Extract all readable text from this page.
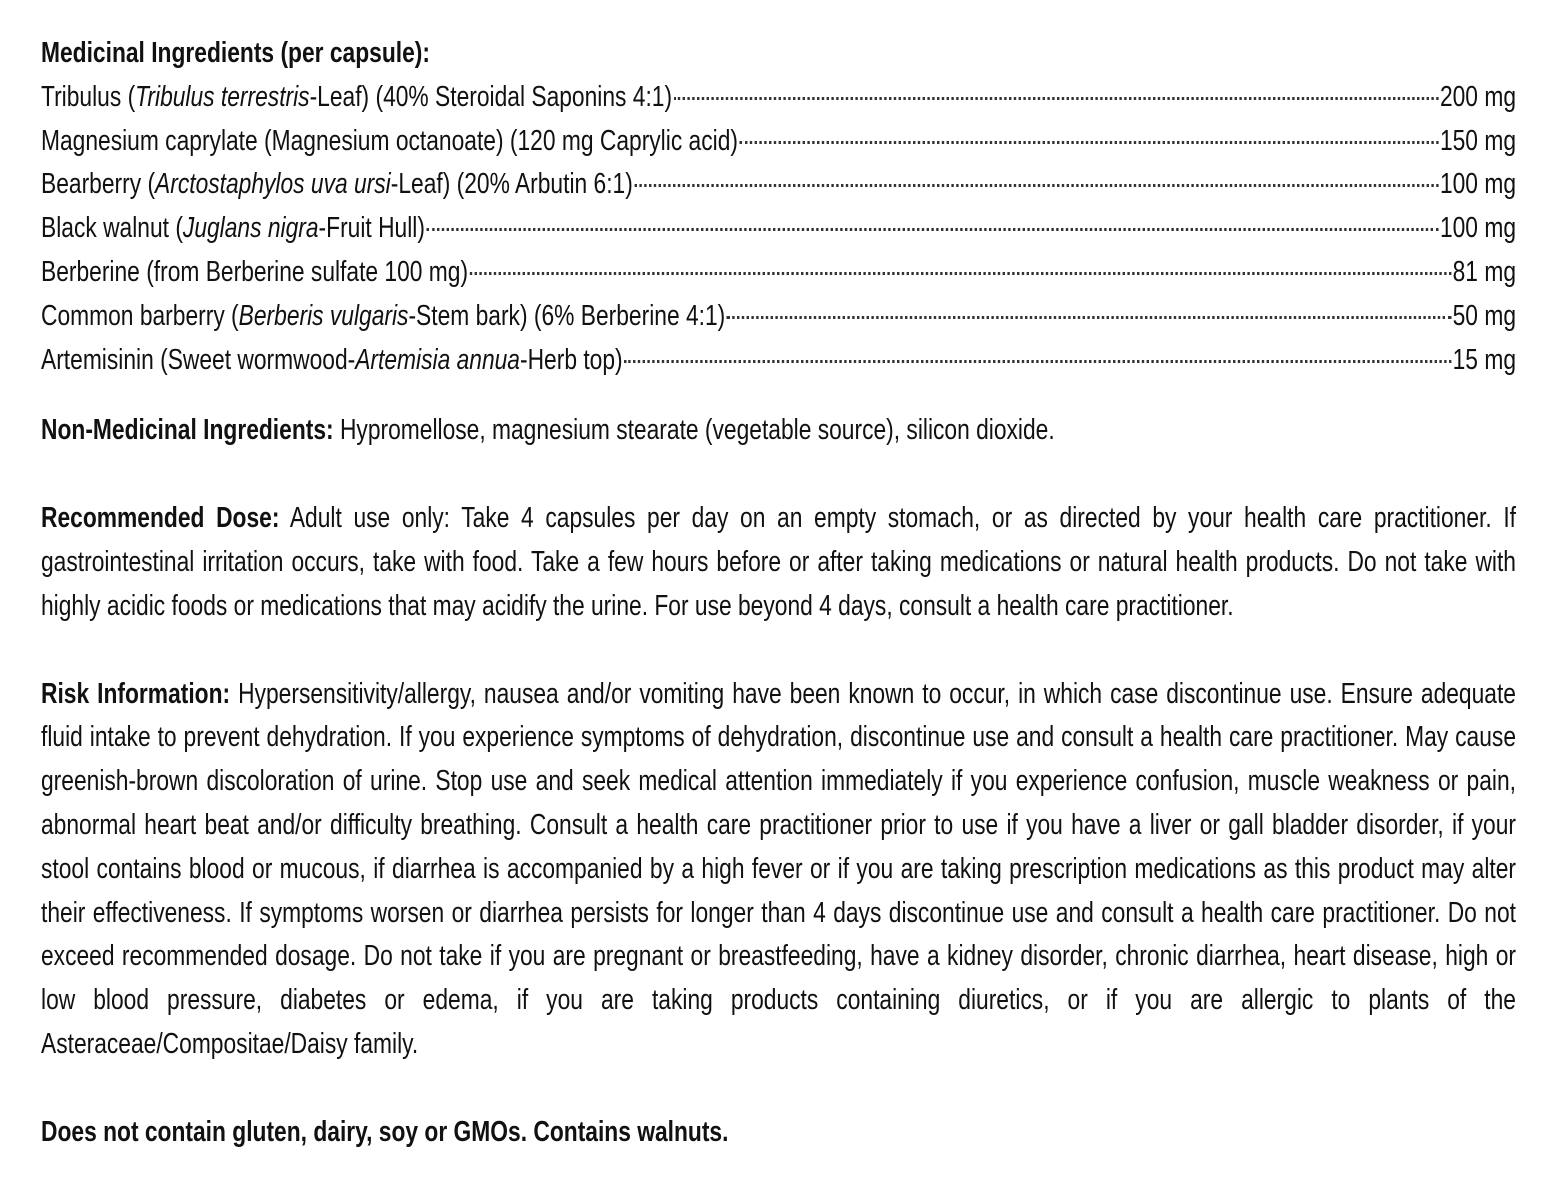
Medicinal Ingredients (per capsule):

Tribulus (Tribulus terrestris-Leaf) (40% Steroidal Saponins 4:1)	200 mg
Magnesium caprylate (Magnesium octanoate) (120 mg Caprylic acid)	150 mg
Bearberry (Arctostaphylos uva ursi-Leaf) (20% Arbutin 6:1)	100 mg
Black walnut (Juglans nigra-Fruit Hull)	100 mg
Berberine (from Berberine sulfate 100 mg)	81 mg
Common barberry (Berberis vulgaris-Stem bark) (6% Berberine 4:1)	50 mg
Artemisinin (Sweet wormwood-Artemisia annua-Herb top)	15 mg

Non-Medicinal Ingredients: Hypromellose, magnesium stearate (vegetable source), silicon dioxide.

Recommended Dose: Adult use only: Take 4 capsules per day on an empty stomach, or as directed by your health care practitioner. If gastrointestinal irritation occurs, take with food. Take a few hours before or after taking medications or natural health products. Do not take with highly acidic foods or medications that may acidify the urine. For use beyond 4 days, consult a health care practitioner.

Risk Information: Hypersensitivity/allergy, nausea and/or vomiting have been known to occur, in which case discontinue use. Ensure adequate fluid intake to prevent dehydration. If you experience symptoms of dehydration, discontinue use and consult a health care practitioner. May cause greenish-brown discoloration of urine. Stop use and seek medical attention immediately if you experience confusion, muscle weakness or pain, abnormal heart beat and/or difficulty breathing. Consult a health care practitioner prior to use if you have a liver or gall bladder disorder, if your stool contains blood or mucous, if diarrhea is accompanied by a high fever or if you are taking prescription medications as this product may alter their effectiveness. If symptoms worsen or diarrhea persists for longer than 4 days discontinue use and consult a health care practitioner. Do not exceed recommended dosage. Do not take if you are pregnant or breastfeeding, have a kidney disorder, chronic diarrhea, heart disease, high or low blood pressure, diabetes or edema, if you are taking products containing diuretics, or if you are allergic to plants of the Asteraceae/Compositae/Daisy family.

Does not contain gluten, dairy, soy or GMOs. Contains walnuts.
